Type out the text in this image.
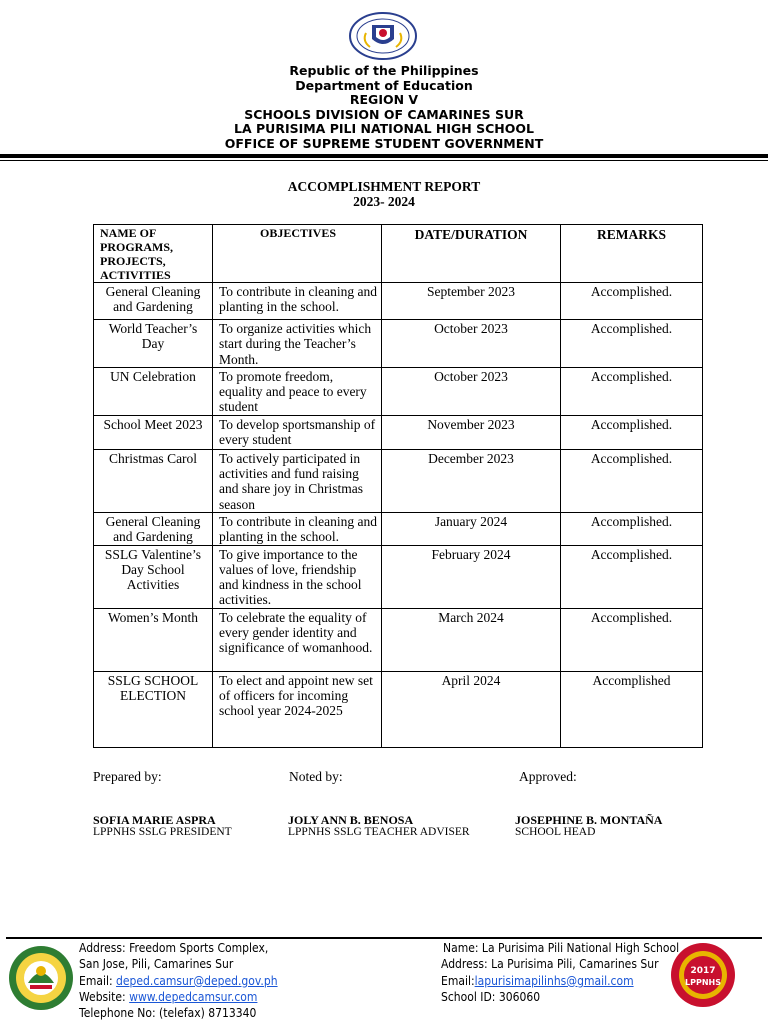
Republic of the Philippines
Department of Education
REGION V
SCHOOLS DIVISION OF CAMARINES SUR
LA PURISIMA PILI NATIONAL HIGH SCHOOL
OFFICE OF SUPREME STUDENT GOVERNMENT
ACCOMPLISHMENT REPORT
2023- 2024
NAME OF PROGRAMS, PROJECTS, ACTIVITIES	OBJECTIVES	DATE/DURATION	REMARKS
General Cleaning and Gardening	To contribute in cleaning and planting in the school.	September 2023	Accomplished.
World Teacher’s Day	To organize activities which start during the Teacher’s Month.	October 2023	Accomplished.
UN Celebration	To promote freedom, equality and peace to every student	October 2023	Accomplished.
School Meet 2023	To develop sportsmanship of every student	November 2023	Accomplished.
Christmas Carol	To actively participated in activities and fund raising and share joy in Christmas season	December 2023	Accomplished.
General Cleaning and Gardening	To contribute in cleaning and planting in the school.	January 2024	Accomplished.
SSLG Valentine’s Day School Activities	To give importance to the values of love, friendship and kindness in the school activities.	February 2024	Accomplished.
Women’s Month	To celebrate the equality of every gender identity and significance of womanhood.	March 2024	Accomplished.
SSLG SCHOOL ELECTION	To elect and appoint new set of officers for incoming school year 2024-2025	April 2024	Accomplished
Prepared by:	Noted by:	Approved:
SOFIA MARIE ASPRA	JOLY ANN B. BENOSA	JOSEPHINE B. MONTAÑA
LPPNHS SSLG PRESIDENT	LPPNHS SSLG TEACHER ADVISER	SCHOOL HEAD
Address: Freedom Sports Complex,
San Jose, Pili, Camarines Sur
Email: deped.camsur@deped.gov.ph
Website: www.depedcamsur.com
Telephone No: (telefax) 8713340
Name: La Purisima Pili National High School
Address: La Purisima Pili, Camarines Sur
Email:lapurisimapilinhs@gmail.com
School ID: 306060
2017
LPPNHS
